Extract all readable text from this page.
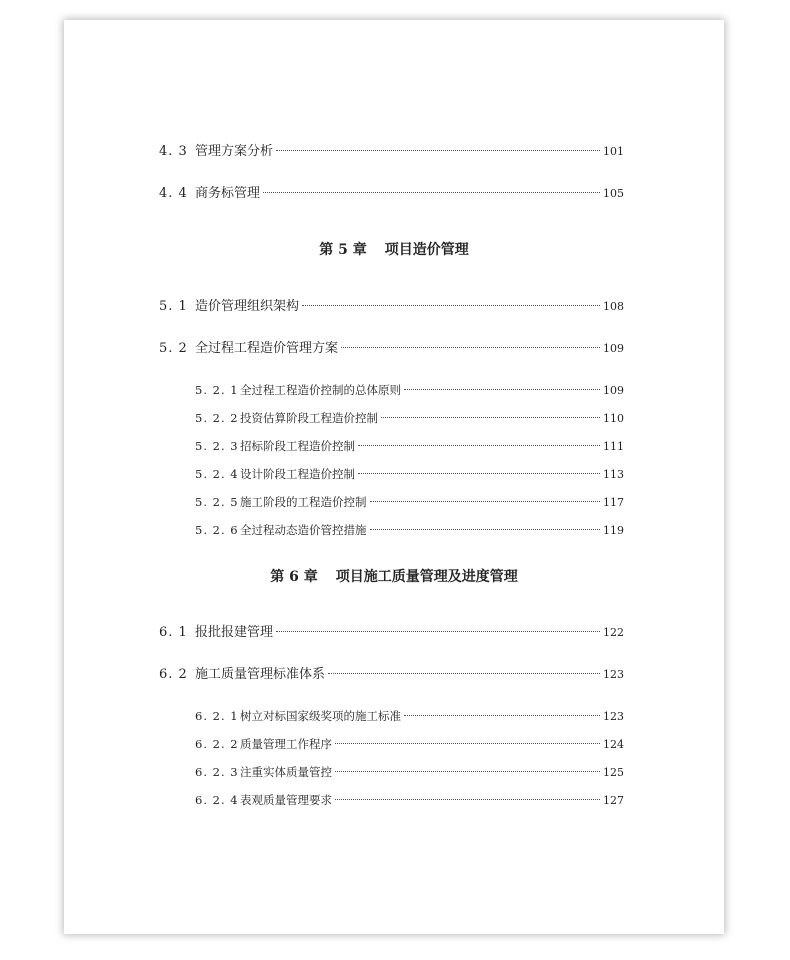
4. 3 管理方案分析	101
4. 4 商务标管理	105
第 5 章 项目造价管理
5. 1 造价管理组织架构	108
5. 2 全过程工程造价管理方案	109
5. 2. 1 全过程工程造价控制的总体原则	109
5. 2. 2 投资估算阶段工程造价控制	110
5. 2. 3 招标阶段工程造价控制	111
5. 2. 4 设计阶段工程造价控制	113
5. 2. 5 施工阶段的工程造价控制	117
5. 2. 6 全过程动态造价管控措施	119
第 6 章 项目施工质量管理及进度管理
6. 1 报批报建管理	122
6. 2 施工质量管理标准体系	123
6. 2. 1 树立对标国家级奖项的施工标准	123
6. 2. 2 质量管理工作程序	124
6. 2. 3 注重实体质量管控	125
6. 2. 4 表观质量管理要求	127
